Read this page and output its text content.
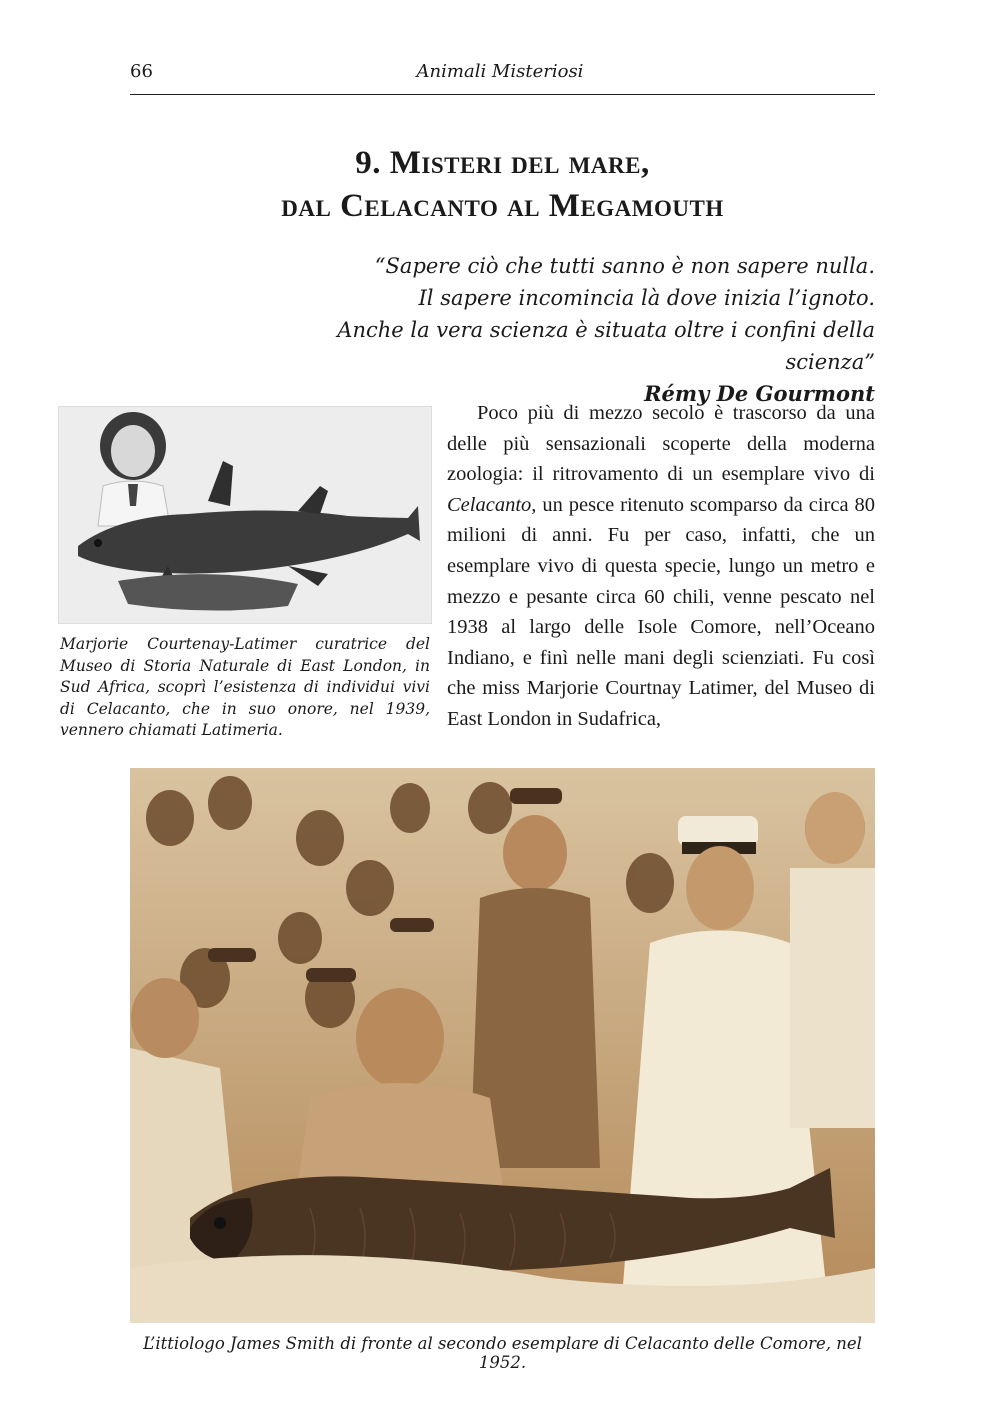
66	Animali Misteriosi
9. Misteri del mare,
dal Celacanto al Megamouth
“Sapere ciò che tutti sanno è non sapere nulla.
Il sapere incomincia là dove inizia l’ignoto.
Anche la vera scienza è situata oltre i confini della scienza”
Rémy De Gourmont
Marjorie Courtenay-Latimer curatrice del Museo di Storia Naturale di East London, in Sud Africa, scoprì l’esistenza di individui vivi di Celacanto, che in suo onore, nel 1939, vennero chiamati Latimeria.
Poco più di mezzo secolo è trascorso da una delle più sensazionali scoperte della moderna zoologia: il ritrovamento di un esemplare vivo di Celacanto, un pesce ritenuto scomparso da circa 80 milioni di anni. Fu per caso, infatti, che un esemplare vivo di questa specie, lungo un metro e mezzo e pesante circa 60 chili, venne pescato nel 1938 al largo delle Isole Comore, nell’Oceano Indiano, e finì nelle mani degli scienziati. Fu così che miss Marjorie Courtnay Latimer, del Museo di East London in Sudafrica,
L’ittiologo James Smith di fronte al secondo esemplare di Celacanto delle Comore, nel 1952.
